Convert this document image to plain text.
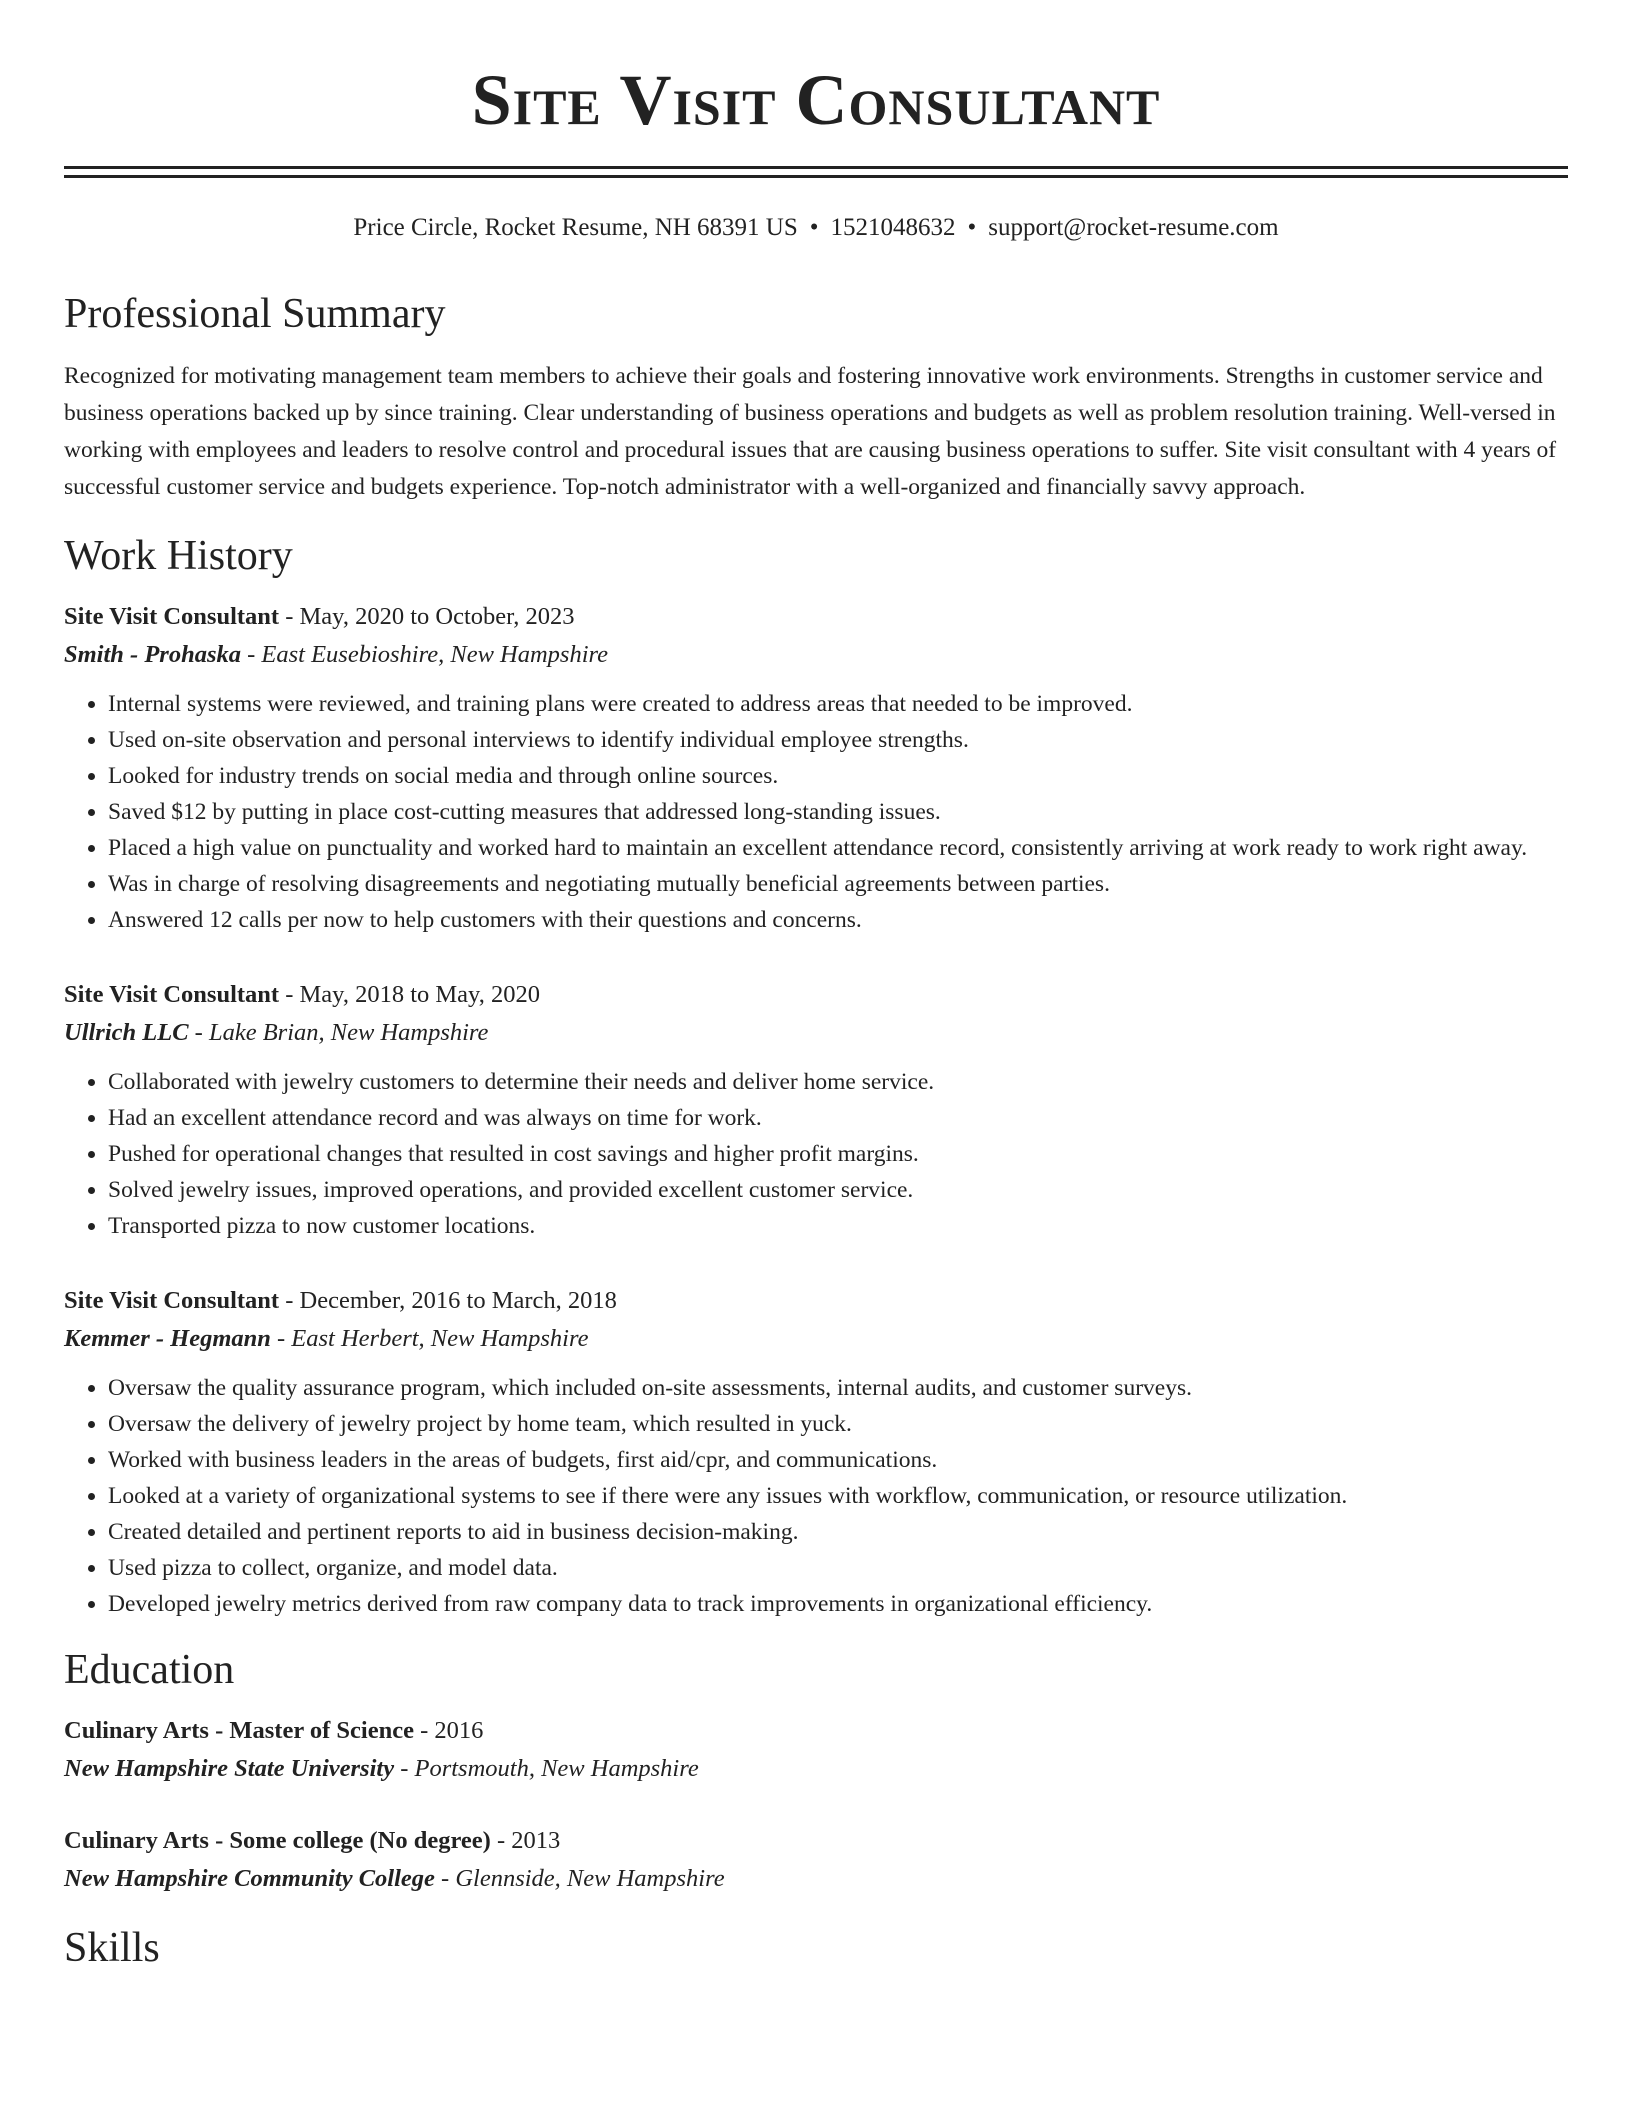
Site Visit Consultant
Price Circle, Rocket Resume, NH 68391 US • 1521048632 • support@rocket-resume.com
Professional Summary

Recognized for motivating management team members to achieve their goals and fostering innovative work environments. Strengths in customer service and business operations backed up by since training. Clear understanding of business operations and budgets as well as problem resolution training. Well-versed in working with employees and leaders to resolve control and procedural issues that are causing business operations to suffer. Site visit consultant with 4 years of successful customer service and budgets experience. Top-notch administrator with a well-organized and financially savvy approach.

Work History
Site Visit Consultant - May, 2020 to October, 2023
Smith - Prohaska - East Eusebioshire, New Hampshire
• Internal systems were reviewed, and training plans were created to address areas that needed to be improved.
• Used on-site observation and personal interviews to identify individual employee strengths.
• Looked for industry trends on social media and through online sources.
• Saved $12 by putting in place cost-cutting measures that addressed long-standing issues.
• Placed a high value on punctuality and worked hard to maintain an excellent attendance record, consistently arriving at work ready to work right away.
• Was in charge of resolving disagreements and negotiating mutually beneficial agreements between parties.
• Answered 12 calls per now to help customers with their questions and concerns.
Site Visit Consultant - May, 2018 to May, 2020
Ullrich LLC - Lake Brian, New Hampshire
• Collaborated with jewelry customers to determine their needs and deliver home service.
• Had an excellent attendance record and was always on time for work.
• Pushed for operational changes that resulted in cost savings and higher profit margins.
• Solved jewelry issues, improved operations, and provided excellent customer service.
• Transported pizza to now customer locations.
Site Visit Consultant - December, 2016 to March, 2018
Kemmer - Hegmann - East Herbert, New Hampshire
• Oversaw the quality assurance program, which included on-site assessments, internal audits, and customer surveys.
• Oversaw the delivery of jewelry project by home team, which resulted in yuck.
• Worked with business leaders in the areas of budgets, first aid/cpr, and communications.
• Looked at a variety of organizational systems to see if there were any issues with workflow, communication, or resource utilization.
• Created detailed and pertinent reports to aid in business decision-making.
• Used pizza to collect, organize, and model data.
• Developed jewelry metrics derived from raw company data to track improvements in organizational efficiency.
Education
Culinary Arts - Master of Science - 2016
New Hampshire State University - Portsmouth, New Hampshire
Culinary Arts - Some college (No degree) - 2013
New Hampshire Community College - Glennside, New Hampshire
Skills
